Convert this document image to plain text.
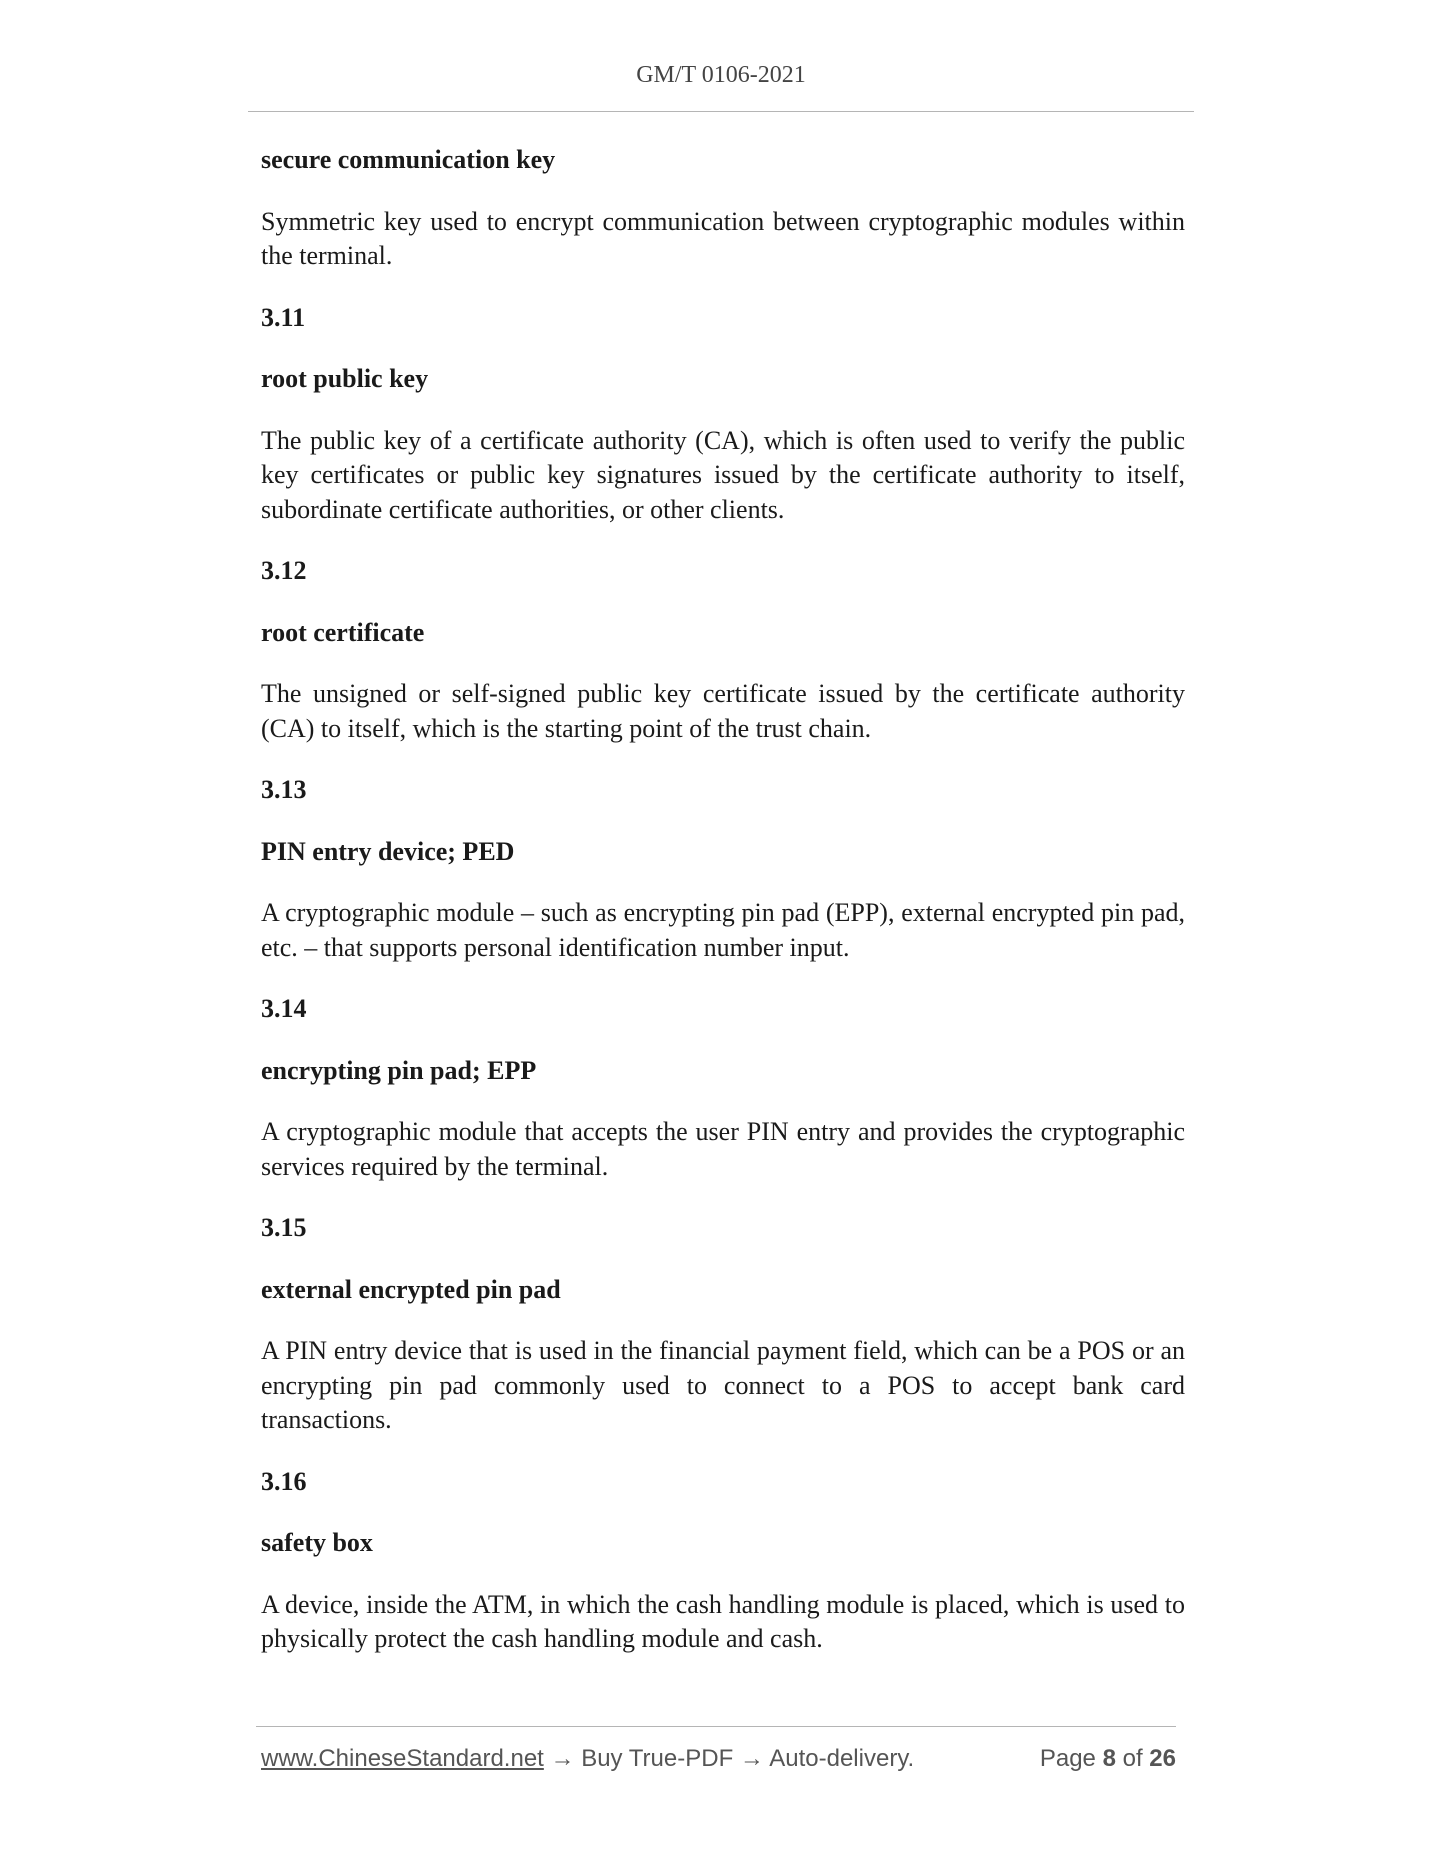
GM/T 0106-2021

secure communication key

Symmetric key used to encrypt communication between cryptographic modules within the terminal.

3.11

root public key

The public key of a certificate authority (CA), which is often used to verify the public key certificates or public key signatures issued by the certificate authority to itself, subordinate certificate authorities, or other clients.

3.12

root certificate

The unsigned or self-signed public key certificate issued by the certificate authority (CA) to itself, which is the starting point of the trust chain.

3.13

PIN entry device; PED

A cryptographic module – such as encrypting pin pad (EPP), external encrypted pin pad, etc. – that supports personal identification number input.

3.14

encrypting pin pad; EPP

A cryptographic module that accepts the user PIN entry and provides the cryptographic services required by the terminal.

3.15

external encrypted pin pad

A PIN entry device that is used in the financial payment field, which can be a POS or an encrypting pin pad commonly used to connect to a POS to accept bank card transactions.

3.16

safety box

A device, inside the ATM, in which the cash handling module is placed, which is used to physically protect the cash handling module and cash.

www.ChineseStandard.net → Buy True-PDF → Auto-delivery.	Page 8 of 26
